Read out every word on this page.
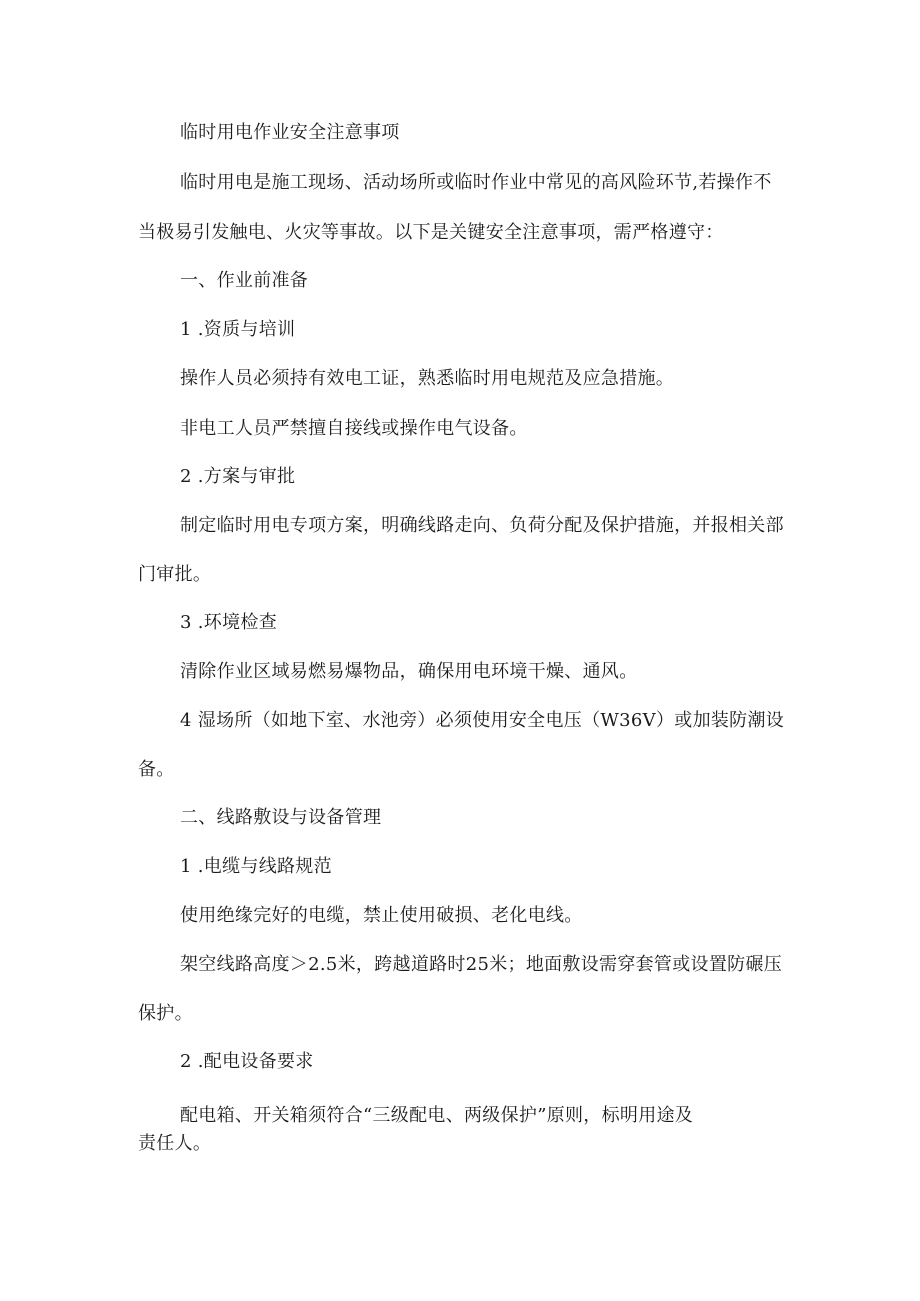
临时用电作业安全注意事项
临时用电是施工现场、活动场所或临时作业中常见的高风险环节,若操作不
当极易引发触电、火灾等事故。以下是关键安全注意事项，需严格遵守：
一、作业前准备
1 .资质与培训
操作人员必须持有效电工证，熟悉临时用电规范及应急措施。
非电工人员严禁擅自接线或操作电气设备。
2 .方案与审批
制定临时用电专项方案，明确线路走向、负荷分配及保护措施，并报相关部
门审批。
3 .环境检查
清除作业区域易燃易爆物品，确保用电环境干燥、通风。
4 湿场所（如地下室、水池旁）必须使用安全电压（W36V）或加装防潮设
备。
二、线路敷设与设备管理
1 .电缆与线路规范
使用绝缘完好的电缆，禁止使用破损、老化电线。
架空线路高度＞2.5米，跨越道路时25米；地面敷设需穿套管或设置防碾压
保护。
2 .配电设备要求
配电箱、开关箱须符合“三级配电、两级保护”原则，标明用途及
责任人。
